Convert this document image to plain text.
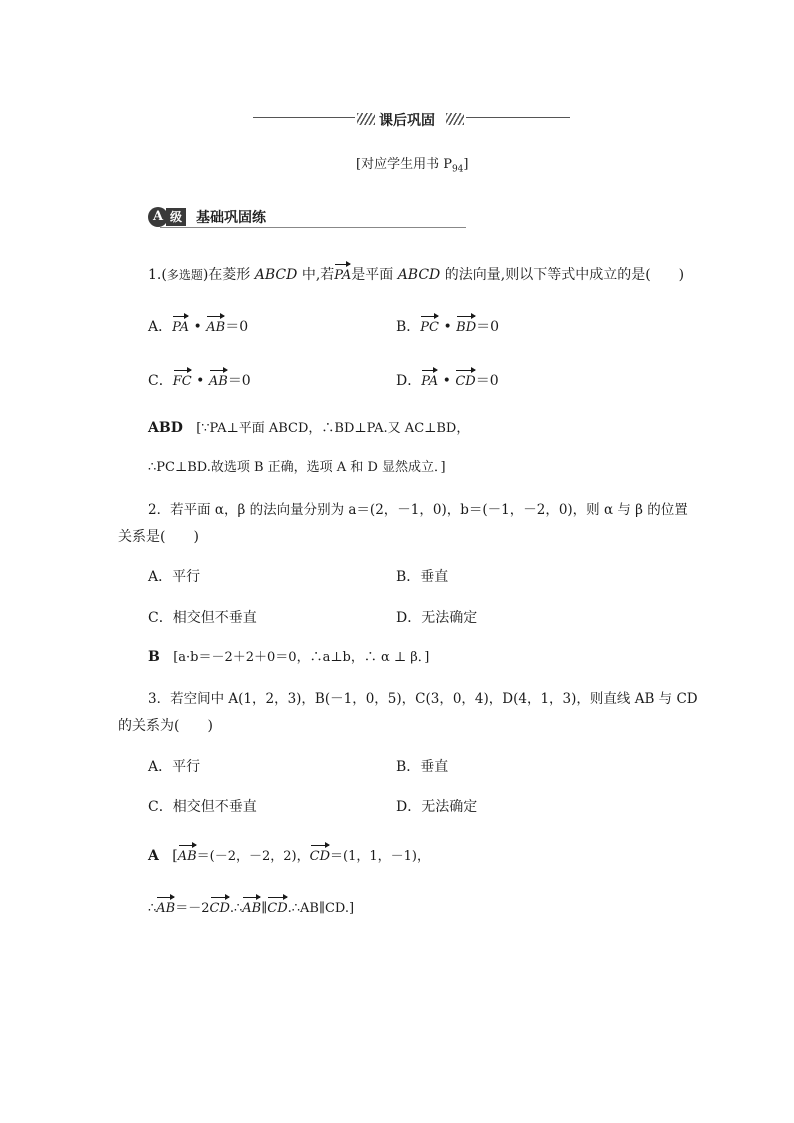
课后巩固
[对应学生用书 $P_{94}$]
A 级 基础巩固练
1.(多选题)在菱形 ABCD 中,若PA是平面 ABCD 的法向量,则以下等式中成立的是(　　)
A．PA • AB＝0	B．PC • BD＝0
C．FC • AB＝0	D．PA • CD＝0
ABD [∵PA⊥平面 ABCD，∴BD⊥PA.又 AC⊥BD，
∴PC⊥BD.故选项 B 正确，选项 A 和 D 显然成立．]
2．若平面 α，β 的法向量分别为 a＝(2，－1，0)，b＝(－1，－2，0)，则 α 与 β 的位置
关系是(　　)
A．平行	B．垂直
C．相交但不垂直	D．无法确定
B [a·b＝－2＋2＋0＝0，∴a⊥b，∴ α ⊥ β．]
3．若空间中 A(1，2，3)，B(－1，0，5)，C(3，0，4)，D(4，1，3)，则直线 AB 与 CD
的关系为(　　)
A．平行	B．垂直
C．相交但不垂直	D．无法确定
A [AB＝(－2，－2，2)，CD＝(1，1，－1)，
∴AB＝－2CD.∴AB∥CD.∴AB∥CD.]
